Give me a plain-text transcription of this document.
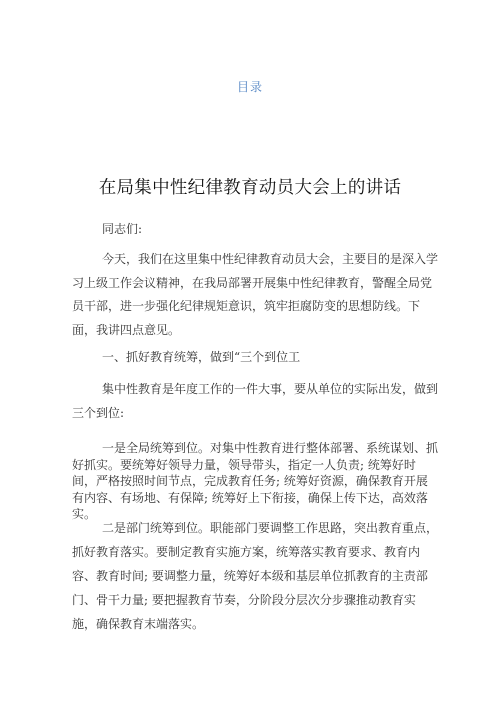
目录
在局集中性纪律教育动员大会上的讲话

同志们:

今天，我们在这里集中性纪律教育动员大会，主要目的是深入学习上级工作会议精神，在我局部署开展集中性纪律教育，警醒全局党员干部，进一步强化纪律规矩意识，筑牢拒腐防变的思想防线。下面，我讲四点意见。

一、抓好教育统筹，做到“三个到位工

集中性教育是年度工作的一件大事，要从单位的实际出发，做到三个到位:

一是全局统筹到位。对集中性教育进行整体部署、系统谋划、抓好抓实。要统筹好领导力量，领导带头，指定一人负责; 统筹好时间，严格按照时间节点，完成教育任务; 统筹好资源，确保教育开展有内容、有场地、有保障; 统筹好上下衔接，确保上传下达，高效落实。

二是部门统筹到位。职能部门要调整工作思路，突出教育重点，抓好教育落实。要制定教育实施方案，统筹落实教育要求、教育内容、教育时间; 要调整力量，统筹好本级和基层单位抓教育的主责部门、骨干力量; 要把握教育节奏，分阶段分层次分步骤推动教育实施，确保教育末端落实。
